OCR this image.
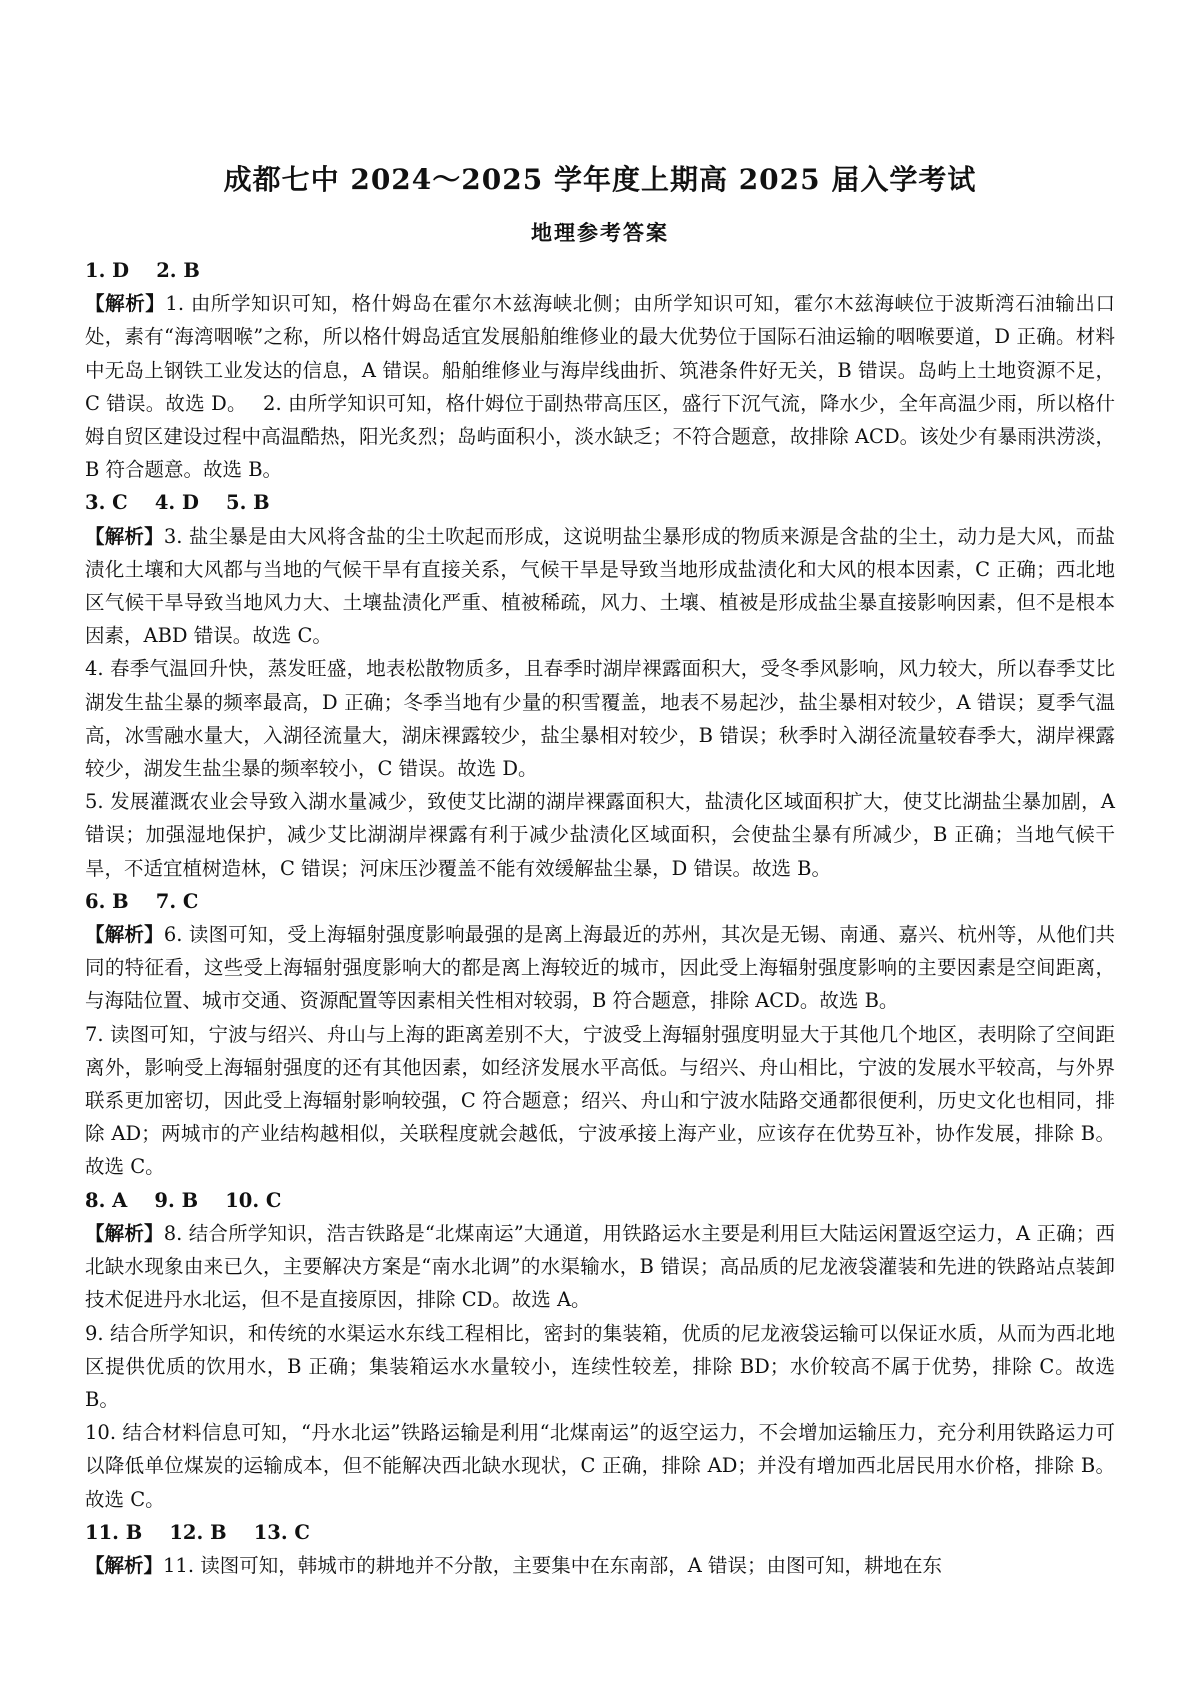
成都七中 2024～2025 学年度上期高 2025 届入学考试
地理参考答案

1. D    2. B

【解析】1. 由所学知识可知，格什姆岛在霍尔木兹海峡北侧；由所学知识可知，霍尔木兹海峡位于波斯湾石油输出口处，素有“海湾咽喉”之称，所以格什姆岛适宜发展船舶维修业的最大优势位于国际石油运输的咽喉要道，D 正确。材料中无岛上钢铁工业发达的信息，A 错误。船舶维修业与海岸线曲折、筑港条件好无关，B 错误。岛屿上土地资源不足，C 错误。故选 D。　 2. 由所学知识可知，格什姆位于副热带高压区，盛行下沉气流，降水少，全年高温少雨，所以格什姆自贸区建设过程中高温酷热，阳光炙烈；岛屿面积小，淡水缺乏；不符合题意，故排除 ACD。该处少有暴雨洪涝淡，B 符合题意。故选 B。

3. C    4. D    5. B

【解析】3. 盐尘暴是由大风将含盐的尘土吹起而形成，这说明盐尘暴形成的物质来源是含盐的尘土，动力是大风，而盐渍化土壤和大风都与当地的气候干旱有直接关系，气候干旱是导致当地形成盐渍化和大风的根本因素，C 正确；西北地区气候干旱导致当地风力大、土壤盐渍化严重、植被稀疏，风力、土壤、植被是形成盐尘暴直接影响因素，但不是根本因素，ABD 错误。故选 C。

4. 春季气温回升快，蒸发旺盛，地表松散物质多，且春季时湖岸裸露面积大，受冬季风影响，风力较大，所以春季艾比湖发生盐尘暴的频率最高，D 正确；冬季当地有少量的积雪覆盖，地表不易起沙，盐尘暴相对较少，A 错误；夏季气温高，冰雪融水量大，入湖径流量大，湖床裸露较少，盐尘暴相对较少，B 错误；秋季时入湖径流量较春季大，湖岸裸露较少，湖发生盐尘暴的频率较小，C 错误。故选 D。

5. 发展灌溉农业会导致入湖水量减少，致使艾比湖的湖岸裸露面积大，盐渍化区域面积扩大，使艾比湖盐尘暴加剧，A 错误；加强湿地保护，减少艾比湖湖岸裸露有利于减少盐渍化区域面积，会使盐尘暴有所减少，B 正确；当地气候干旱，不适宜植树造林，C 错误；河床压沙覆盖不能有效缓解盐尘暴，D 错误。故选 B。

6. B    7. C

【解析】6. 读图可知，受上海辐射强度影响最强的是离上海最近的苏州，其次是无锡、南通、嘉兴、杭州等，从他们共同的特征看，这些受上海辐射强度影响大的都是离上海较近的城市，因此受上海辐射强度影响的主要因素是空间距离，与海陆位置、城市交通、资源配置等因素相关性相对较弱，B 符合题意，排除 ACD。故选 B。

7. 读图可知，宁波与绍兴、舟山与上海的距离差别不大，宁波受上海辐射强度明显大于其他几个地区，表明除了空间距离外，影响受上海辐射强度的还有其他因素，如经济发展水平高低。与绍兴、舟山相比，宁波的发展水平较高，与外界联系更加密切，因此受上海辐射影响较强，C 符合题意；绍兴、舟山和宁波水陆路交通都很便利，历史文化也相同，排除 AD；两城市的产业结构越相似，关联程度就会越低，宁波承接上海产业，应该存在优势互补，协作发展，排除 B。故选 C。

8. A    9. B    10. C

【解析】8. 结合所学知识，浩吉铁路是“北煤南运”大通道，用铁路运水主要是利用巨大陆运闲置返空运力，A 正确；西北缺水现象由来已久，主要解决方案是“南水北调”的水渠输水，B 错误；高品质的尼龙液袋灌装和先进的铁路站点装卸技术促进丹水北运，但不是直接原因，排除 CD。故选 A。

9. 结合所学知识，和传统的水渠运水东线工程相比，密封的集装箱，优质的尼龙液袋运输可以保证水质，从而为西北地区提供优质的饮用水，B 正确；集装箱运水水量较小，连续性较差，排除 BD；水价较高不属于优势，排除 C。故选 B。

10. 结合材料信息可知，“丹水北运”铁路运输是利用“北煤南运”的返空运力，不会增加运输压力，充分利用铁路运力可以降低单位煤炭的运输成本，但不能解决西北缺水现状，C 正确，排除 AD；并没有增加西北居民用水价格，排除 B。故选 C。

11. B    12. B    13. C

【解析】11. 读图可知，韩城市的耕地并不分散，主要集中在东南部，A 错误；由图可知，耕地在东
